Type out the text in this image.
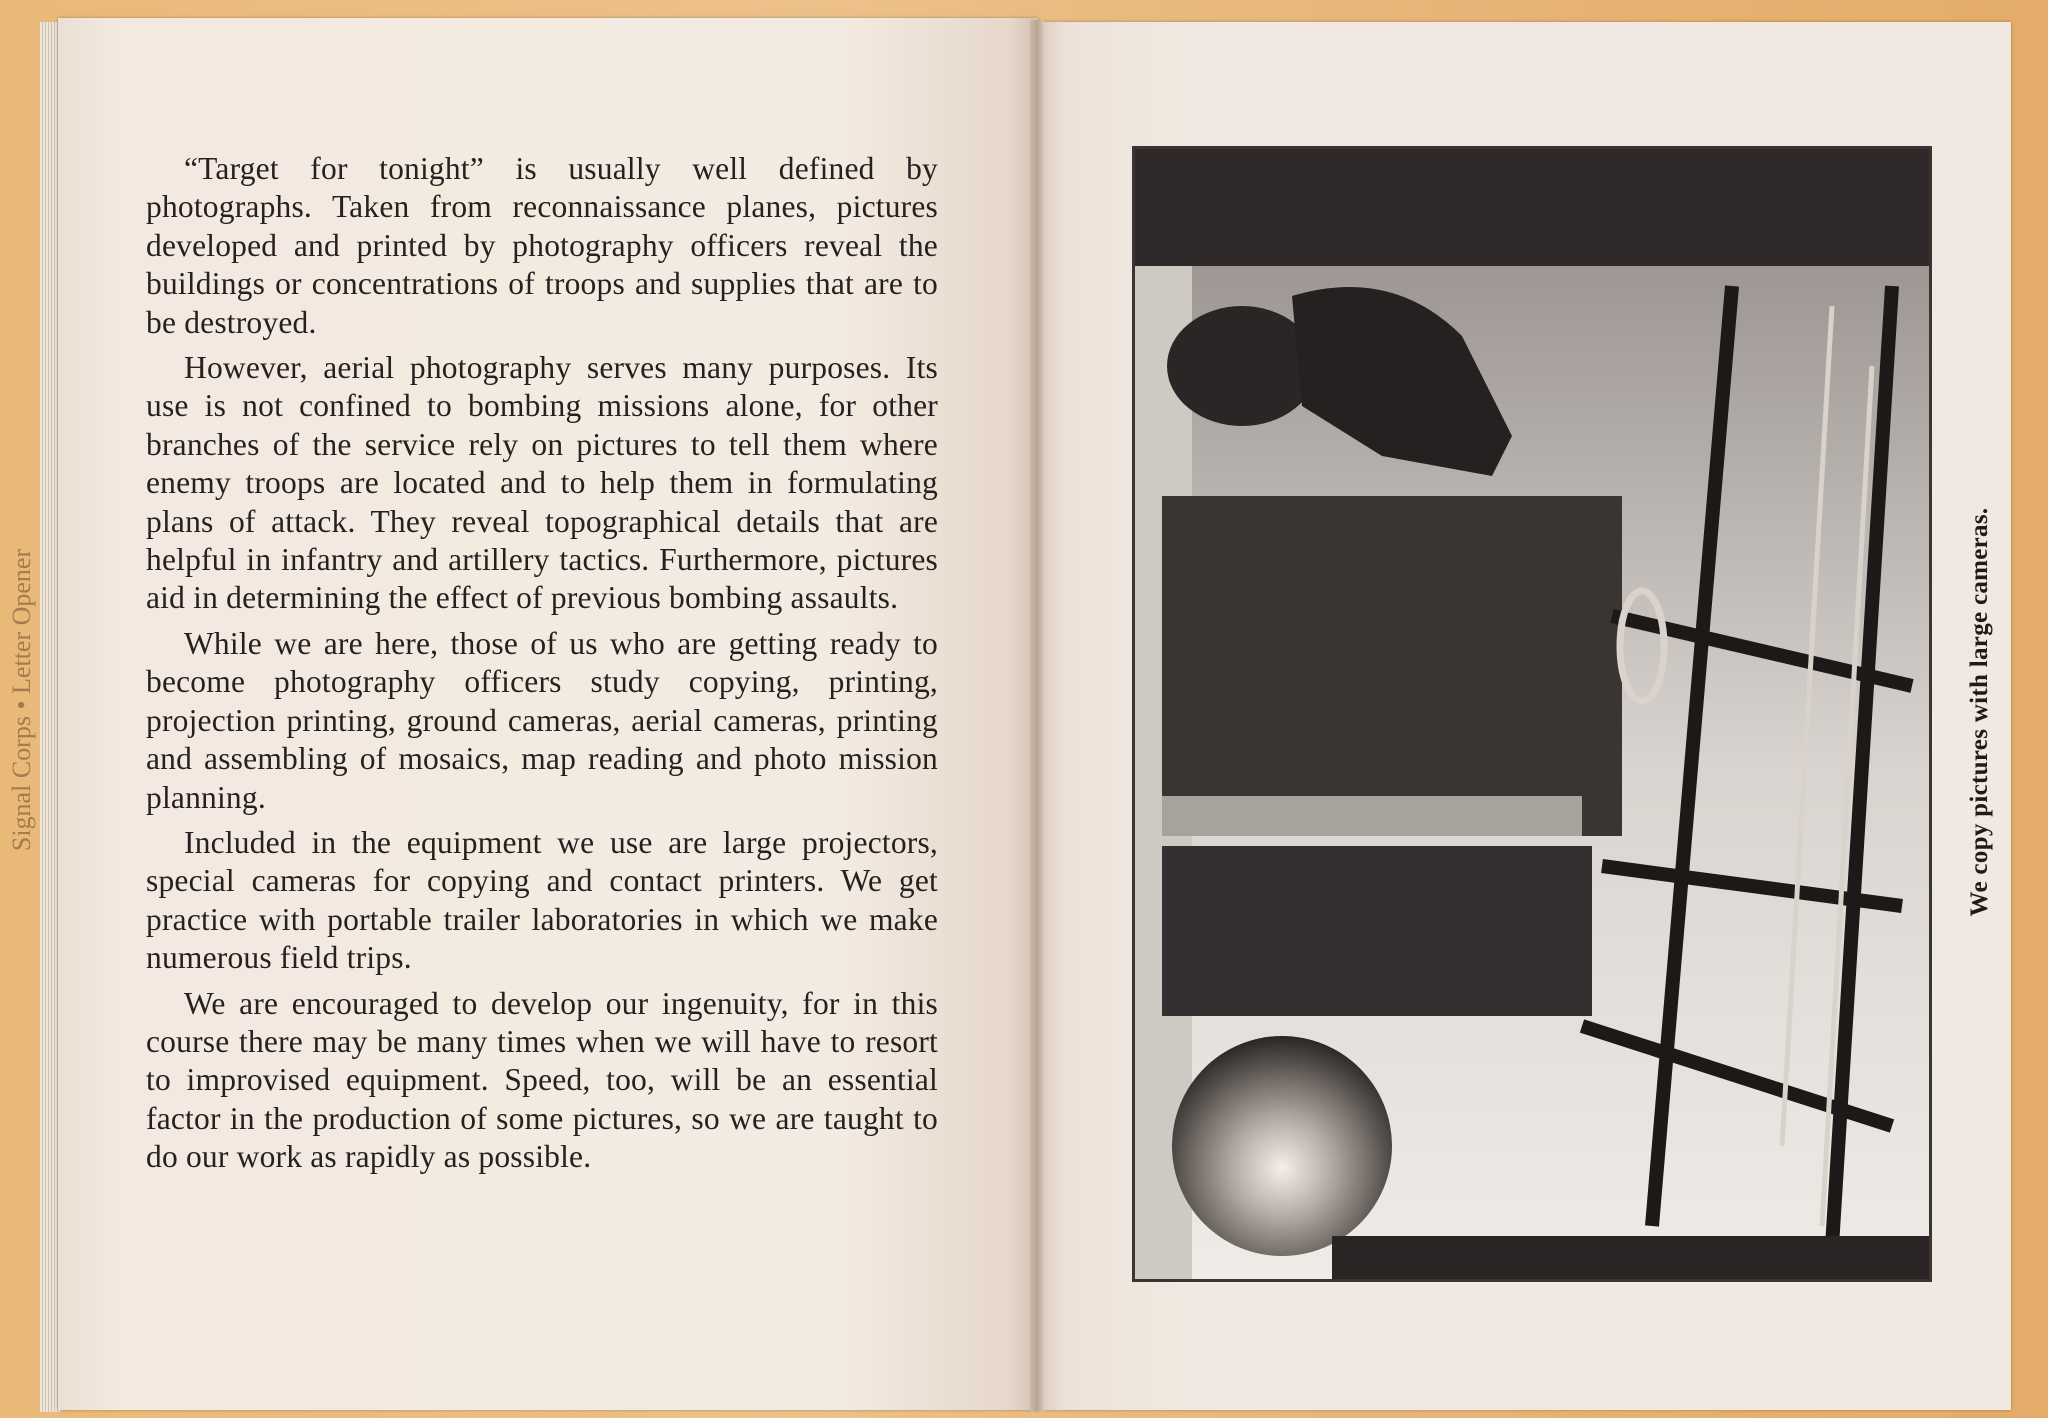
Signal Corps • Letter Opener

“Target for tonight” is usually well defined by photographs. Taken from reconnaissance planes, pictures developed and printed by photography officers reveal the buildings or concentrations of troops and supplies that are to be destroyed.

However, aerial photography serves many purposes. Its use is not confined to bombing missions alone, for other branches of the service rely on pictures to tell them where enemy troops are located and to help them in formulating plans of attack. They reveal topographical details that are helpful in infantry and artillery tactics. Furthermore, pictures aid in determining the effect of previous bombing assaults.

While we are here, those of us who are getting ready to become photography officers study copying, printing, projection printing, ground cameras, aerial cameras, printing and assembling of mosaics, map reading and photo mission planning.

Included in the equipment we use are large projectors, special cameras for copying and contact printers. We get practice with portable trailer laboratories in which we make numerous field trips.

We are encouraged to develop our ingenuity, for in this course there may be many times when we will have to resort to improvised equipment. Speed, too, will be an essential factor in the production of some pictures, so we are taught to do our work as rapidly as possible.

We copy pictures with large cameras.
